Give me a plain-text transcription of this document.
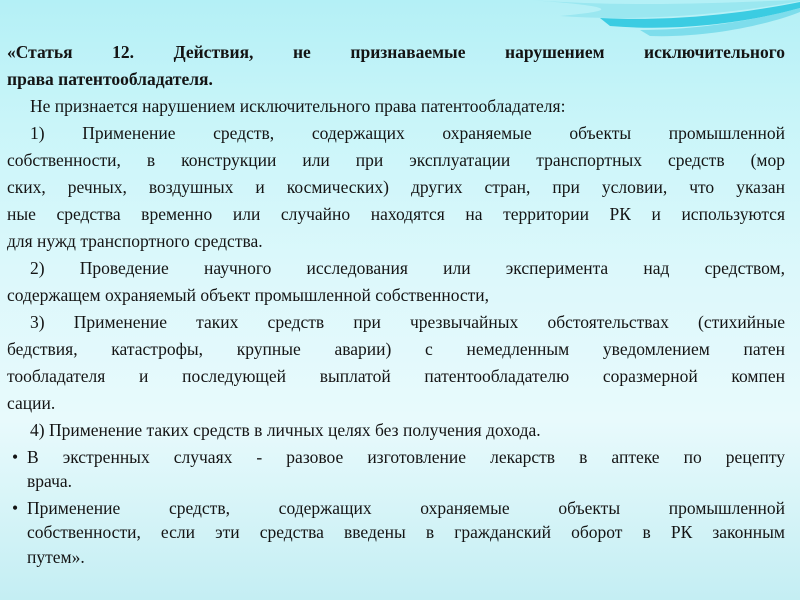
«Статья 12. Действия, не признаваемые нарушением исключительного

права патентообладателя.

Не признается нарушением исключительного права патентообладателя:

1) Применение средств, содержащих охраняемые объекты промышленной

собственности, в конструкции или при эксплуатации транспортных средств (мор

ских, речных, воздушных и космических) других стран, при условии, что указан

ные средства временно или случайно находятся на территории РК и используются

для нужд транспортного средства.

2) Проведение научного исследования или эксперимента над средством,

содержащем охраняемый объект промышленной собственности,

3) Применение таких средств при чрезвычайных обстоятельствах (стихийные

бедствия, катастрофы, крупные аварии) с немедленным уведомлением патен

тообладателя и последующей выплатой патентообладателю соразмерной компен

сации.

4) Применение таких средств в личных целях без получения дохода.

• В экстренных случаях - разовое изготовление лекарств в аптеке по рецепту

врача.

• Применение средств, содержащих охраняемые объекты промышленной

собственности, если эти средства введены в гражданский оборот в РК законным

путем».
